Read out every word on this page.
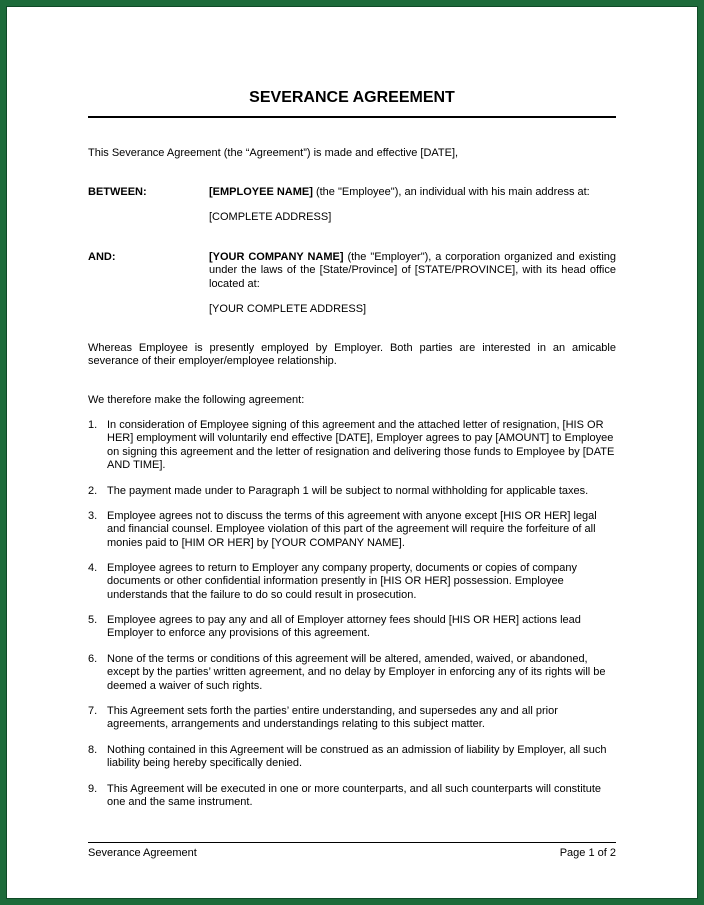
SEVERANCE AGREEMENT
This Severance Agreement (the “Agreement”) is made and effective [DATE],
BETWEEN:	[EMPLOYEE NAME] (the "Employee"), an individual with his main address at:
[COMPLETE ADDRESS]
AND:	[YOUR COMPANY NAME] (the "Employer"), a corporation organized and existing under the laws of the [State/Province] of [STATE/PROVINCE], with its head office located at:
[YOUR COMPLETE ADDRESS]
Whereas Employee is presently employed by Employer. Both parties are interested in an amicable severance of their employer/employee relationship.
We therefore make the following agreement:
1. In consideration of Employee signing of this agreement and the attached letter of resignation, [HIS OR HER] employment will voluntarily end effective [DATE], Employer agrees to pay [AMOUNT] to Employee on signing this agreement and the letter of resignation and delivering those funds to Employee by [DATE AND TIME].
2. The payment made under to Paragraph 1 will be subject to normal withholding for applicable taxes.
3. Employee agrees not to discuss the terms of this agreement with anyone except [HIS OR HER] legal and financial counsel. Employee violation of this part of the agreement will require the forfeiture of all monies paid to [HIM OR HER] by [YOUR COMPANY NAME].
4. Employee agrees to return to Employer any company property, documents or copies of company documents or other confidential information presently in [HIS OR HER] possession. Employee understands that the failure to do so could result in prosecution.
5. Employee agrees to pay any and all of Employer attorney fees should [HIS OR HER] actions lead Employer to enforce any provisions of this agreement.
6. None of the terms or conditions of this agreement will be altered, amended, waived, or abandoned, except by the parties’ written agreement, and no delay by Employer in enforcing any of its rights will be deemed a waiver of such rights.
7. This Agreement sets forth the parties’ entire understanding, and supersedes any and all prior agreements, arrangements and understandings relating to this subject matter.
8. Nothing contained in this Agreement will be construed as an admission of liability by Employer, all such liability being hereby specifically denied.
9. This Agreement will be executed in one or more counterparts, and all such counterparts will constitute one and the same instrument.
Severance Agreement	Page 1 of 2
